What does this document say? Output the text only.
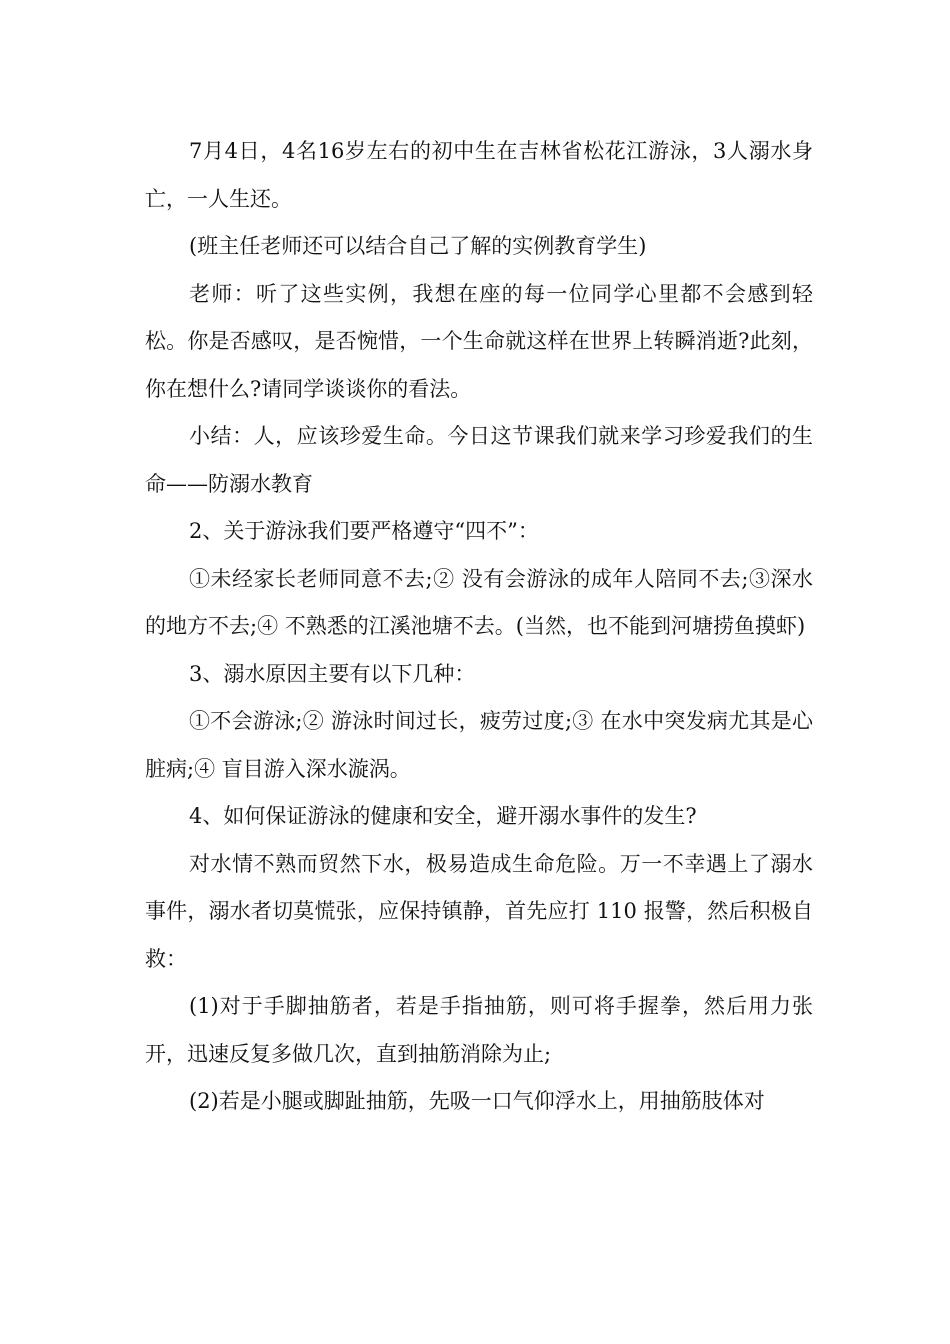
7月4日，4名16岁左右的初中生在吉林省松花江游泳，3人溺水身亡，一人生还。

(班主任老师还可以结合自己了解的实例教育学生)

老师：听了这些实例，我想在座的每一位同学心里都不会感到轻松。你是否感叹，是否惋惜，一个生命就这样在世界上转瞬消逝?此刻，你在想什么?请同学谈谈你的看法。

小结：人，应该珍爱生命。今日这节课我们就来学习珍爱我们的生命——防溺水教育

2、关于游泳我们要严格遵守“四不”：

①未经家长老师同意不去;② 没有会游泳的成年人陪同不去;③深水的地方不去;④ 不熟悉的江溪池塘不去。(当然，也不能到河塘捞鱼摸虾)

3、溺水原因主要有以下几种：

①不会游泳;② 游泳时间过长，疲劳过度;③ 在水中突发病尤其是心脏病;④ 盲目游入深水漩涡。

4、如何保证游泳的健康和安全，避开溺水事件的发生?

对水情不熟而贸然下水，极易造成生命危险。万一不幸遇上了溺水事件，溺水者切莫慌张，应保持镇静，首先应打 110 报警，然后积极自救：

(1)对于手脚抽筋者，若是手指抽筋，则可将手握拳，然后用力张开，迅速反复多做几次，直到抽筋消除为止;

(2)若是小腿或脚趾抽筋，先吸一口气仰浮水上，用抽筋肢体对
